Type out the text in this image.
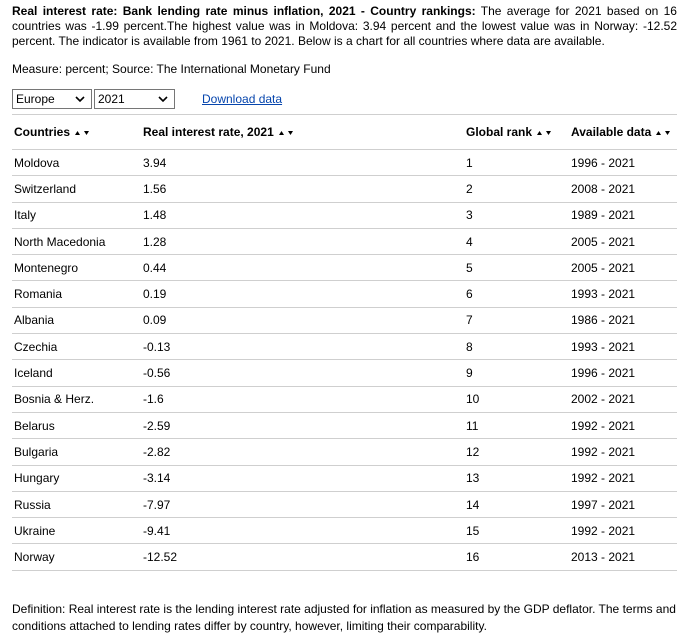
Real interest rate: Bank lending rate minus inflation, 2021 - Country rankings: The average for 2021 based on 16 countries was -1.99 percent.The highest value was in Moldova: 3.94 percent and the lowest value was in Norway: -12.52 percent. The indicator is available from 1961 to 2021. Below is a chart for all countries where data are available.

Measure: percent; Source: The International Monetary Fund

Europe	2021	Download data
Countries	Real interest rate, 2021	Global rank	Available data
Moldova	3.94	1	1996 - 2021
Switzerland	1.56	2	2008 - 2021
Italy	1.48	3	1989 - 2021
North Macedonia	1.28	4	2005 - 2021
Montenegro	0.44	5	2005 - 2021
Romania	0.19	6	1993 - 2021
Albania	0.09	7	1986 - 2021
Czechia	-0.13	8	1993 - 2021
Iceland	-0.56	9	1996 - 2021
Bosnia & Herz.	-1.6	10	2002 - 2021
Belarus	-2.59	11	1992 - 2021
Bulgaria	-2.82	12	1992 - 2021
Hungary	-3.14	13	1992 - 2021
Russia	-7.97	14	1997 - 2021
Ukraine	-9.41	15	1992 - 2021
Norway	-12.52	16	2013 - 2021

Definition: Real interest rate is the lending interest rate adjusted for inflation as measured by the GDP deflator. The terms and conditions attached to lending rates differ by country, however, limiting their comparability.
